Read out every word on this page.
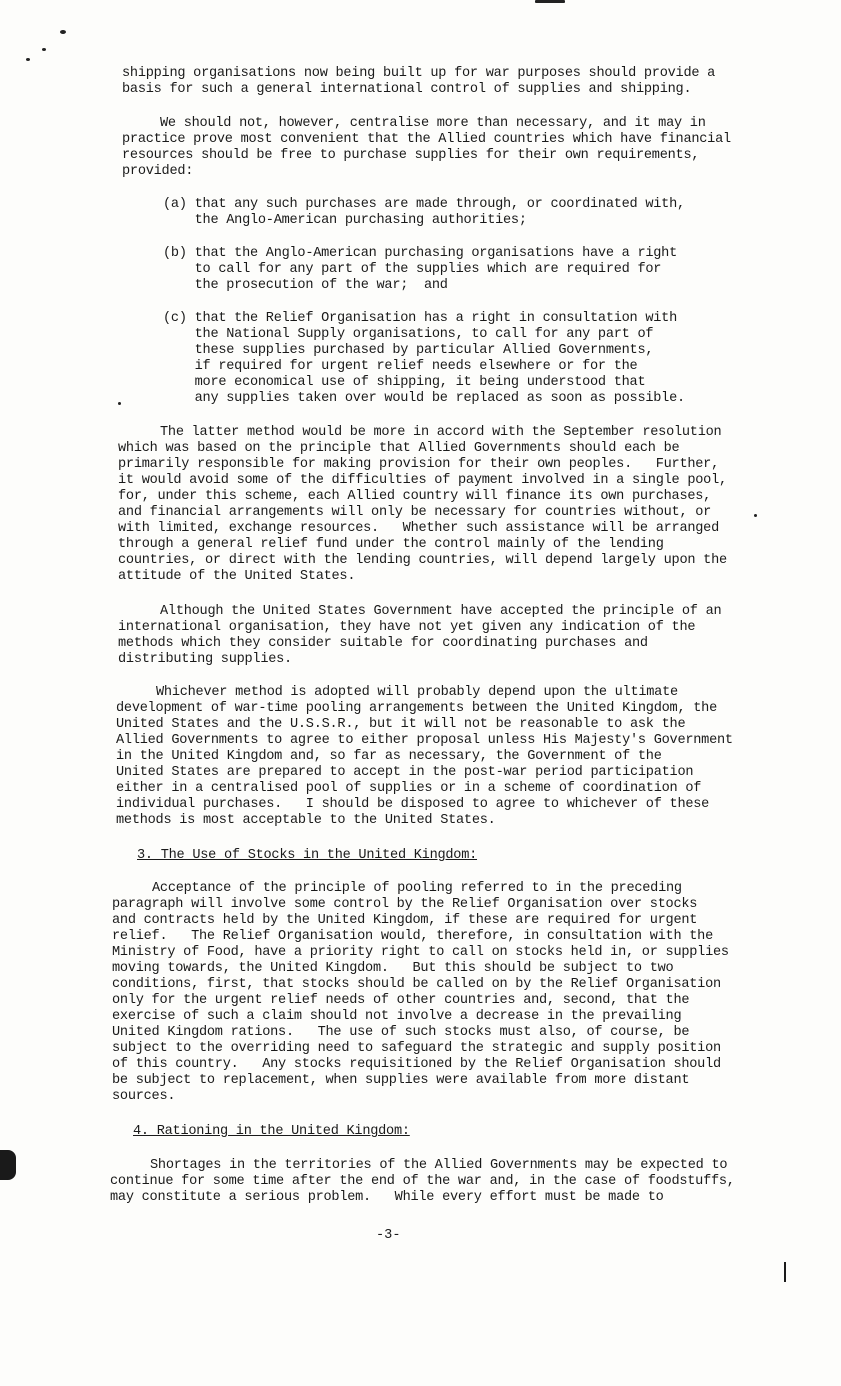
shipping organisations now being built up for war purposes should provide a
basis for such a general international control of supplies and shipping.
We should not, however, centralise more than necessary, and it may in
practice prove most convenient that the Allied countries which have financial
resources should be free to purchase supplies for their own requirements,
provided:
(a) that any such purchases are made through, or coordinated with,
the Anglo-American purchasing authorities;
(b) that the Anglo-American purchasing organisations have a right
to call for any part of the supplies which are required for
the prosecution of the war;  and
(c) that the Relief Organisation has a right in consultation with
the National Supply organisations, to call for any part of
these supplies purchased by particular Allied Governments,
if required for urgent relief needs elsewhere or for the
more economical use of shipping, it being understood that
any supplies taken over would be replaced as soon as possible.
The latter method would be more in accord with the September resolution
which was based on the principle that Allied Governments should each be
primarily responsible for making provision for their own peoples.   Further,
it would avoid some of the difficulties of payment involved in a single pool,
for, under this scheme, each Allied country will finance its own purchases,
and financial arrangements will only be necessary for countries without, or
with limited, exchange resources.   Whether such assistance will be arranged
through a general relief fund under the control mainly of the lending
countries, or direct with the lending countries, will depend largely upon the
attitude of the United States.
Although the United States Government have accepted the principle of an
international organisation, they have not yet given any indication of the
methods which they consider suitable for coordinating purchases and
distributing supplies.
Whichever method is adopted will probably depend upon the ultimate
development of war-time pooling arrangements between the United Kingdom, the
United States and the U.S.S.R., but it will not be reasonable to ask the
Allied Governments to agree to either proposal unless His Majesty's Government
in the United Kingdom and, so far as necessary, the Government of the
United States are prepared to accept in the post-war period participation
either in a centralised pool of supplies or in a scheme of coordination of
individual purchases.   I should be disposed to agree to whichever of these
methods is most acceptable to the United States.
3. The Use of Stocks in the United Kingdom:
Acceptance of the principle of pooling referred to in the preceding
paragraph will involve some control by the Relief Organisation over stocks
and contracts held by the United Kingdom, if these are required for urgent
relief.   The Relief Organisation would, therefore, in consultation with the
Ministry of Food, have a priority right to call on stocks held in, or supplies
moving towards, the United Kingdom.   But this should be subject to two
conditions, first, that stocks should be called on by the Relief Organisation
only for the urgent relief needs of other countries and, second, that the
exercise of such a claim should not involve a decrease in the prevailing
United Kingdom rations.   The use of such stocks must also, of course, be
subject to the overriding need to safeguard the strategic and supply position
of this country.   Any stocks requisitioned by the Relief Organisation should
be subject to replacement, when supplies were available from more distant
sources.
4. Rationing in the United Kingdom:
Shortages in the territories of the Allied Governments may be expected to
continue for some time after the end of the war and, in the case of foodstuffs,
may constitute a serious problem.   While every effort must be made to
-3-
